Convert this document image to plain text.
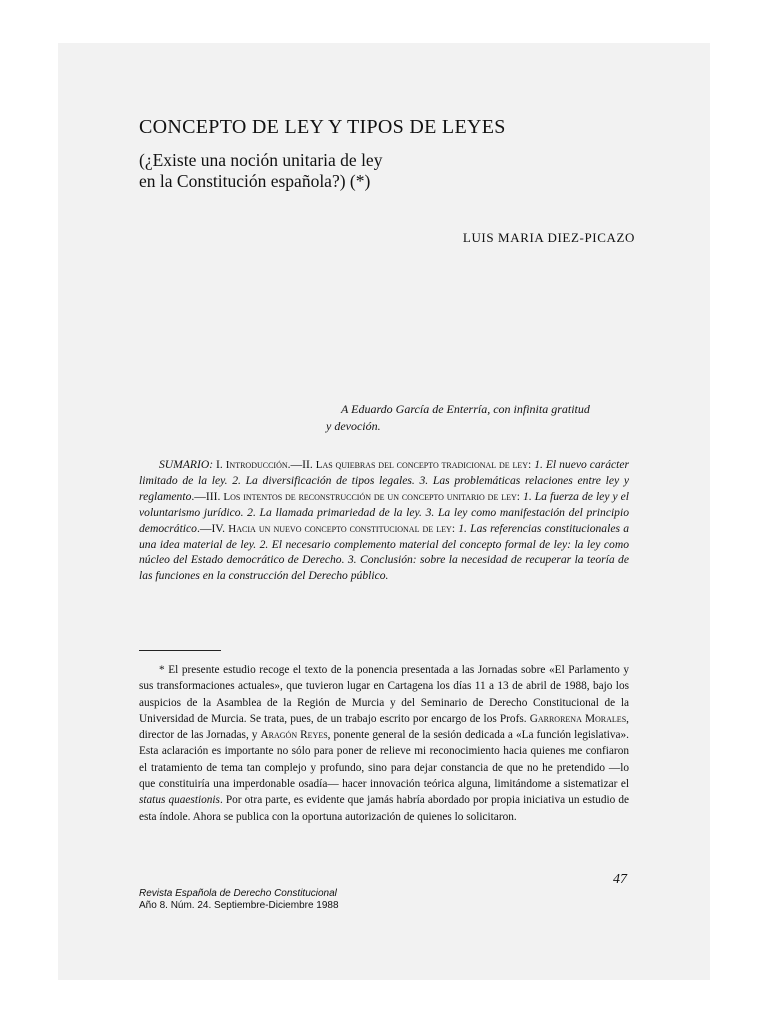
CONCEPTO DE LEY Y TIPOS DE LEYES
(¿Existe una noción unitaria de ley
en la Constitución española?) (*)
LUIS MARIA DIEZ-PICAZO
A Eduardo García de Enterría, con infinita gratitud
y devoción.

SUMARIO: I. Introducción.—II. Las quiebras del concepto tradicional de ley: 1. El nuevo carácter limitado de la ley. 2. La diversificación de tipos legales. 3. Las problemáticas relaciones entre ley y reglamento.—III. Los intentos de reconstrucción de un concepto unitario de ley: 1. La fuerza de ley y el voluntarismo jurídico. 2. La llamada primariedad de la ley. 3. La ley como manifestación del principio democrático.—IV. Hacia un nuevo concepto constitucional de ley: 1. Las referencias constitucionales a una idea material de ley. 2. El necesario complemento material del concepto formal de ley: la ley como núcleo del Estado democrático de Derecho. 3. Conclusión: sobre la necesidad de recuperar la teoría de las funciones en la construcción del Derecho público.

* El presente estudio recoge el texto de la ponencia presentada a las Jornadas sobre «El Parlamento y sus transformaciones actuales», que tuvieron lugar en Cartagena los días 11 a 13 de abril de 1988, bajo los auspicios de la Asamblea de la Región de Murcia y del Seminario de Derecho Constitucional de la Universidad de Murcia. Se trata, pues, de un trabajo escrito por encargo de los Profs. Garrorena Morales, director de las Jornadas, y Aragón Reyes, ponente general de la sesión dedicada a «La función legislativa». Esta aclaración es importante no sólo para poner de relieve mi reconocimiento hacia quienes me confiaron el tratamiento de tema tan complejo y profundo, sino para dejar constancia de que no he pretendido —lo que constituiría una imperdonable osadía— hacer innovación teórica alguna, limitándome a sistematizar el status quaestionis. Por otra parte, es evidente que jamás habría abordado por propia iniciativa un estudio de esta índole. Ahora se publica con la oportuna autorización de quienes lo solicitaron.

47
Revista Española de Derecho Constitucional
Año 8. Núm. 24. Septiembre-Diciembre 1988
